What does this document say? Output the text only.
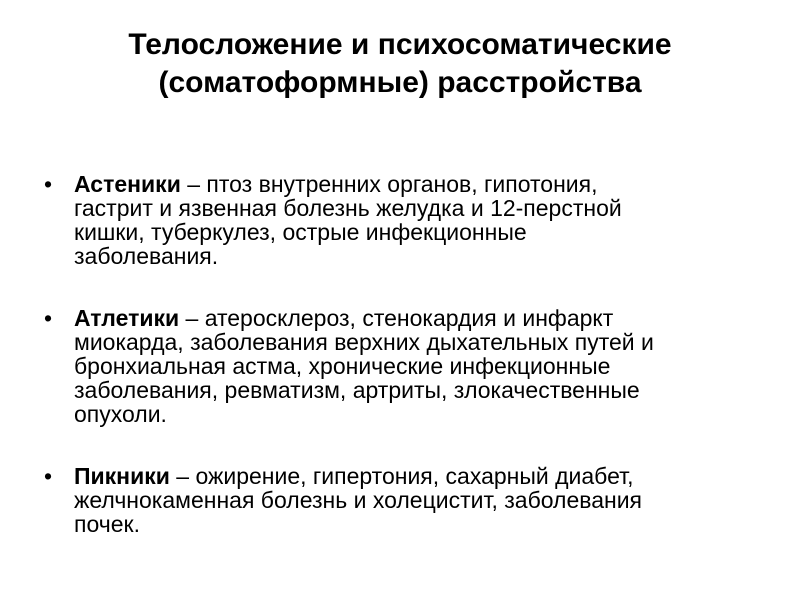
Телосложение и психосоматические
(соматоформные) расстройства
• Астеники – птоз внутренних органов, гипотония,
гастрит и язвенная болезнь желудка и 12-перстной
кишки, туберкулез, острые инфекционные
заболевания.
• Атлетики – атеросклероз, стенокардия и инфаркт
миокарда, заболевания верхних дыхательных путей и
бронхиальная астма, хронические инфекционные
заболевания, ревматизм, артриты, злокачественные
опухоли.
• Пикники – ожирение, гипертония, сахарный диабет,
желчнокаменная болезнь и холецистит, заболевания
почек.
